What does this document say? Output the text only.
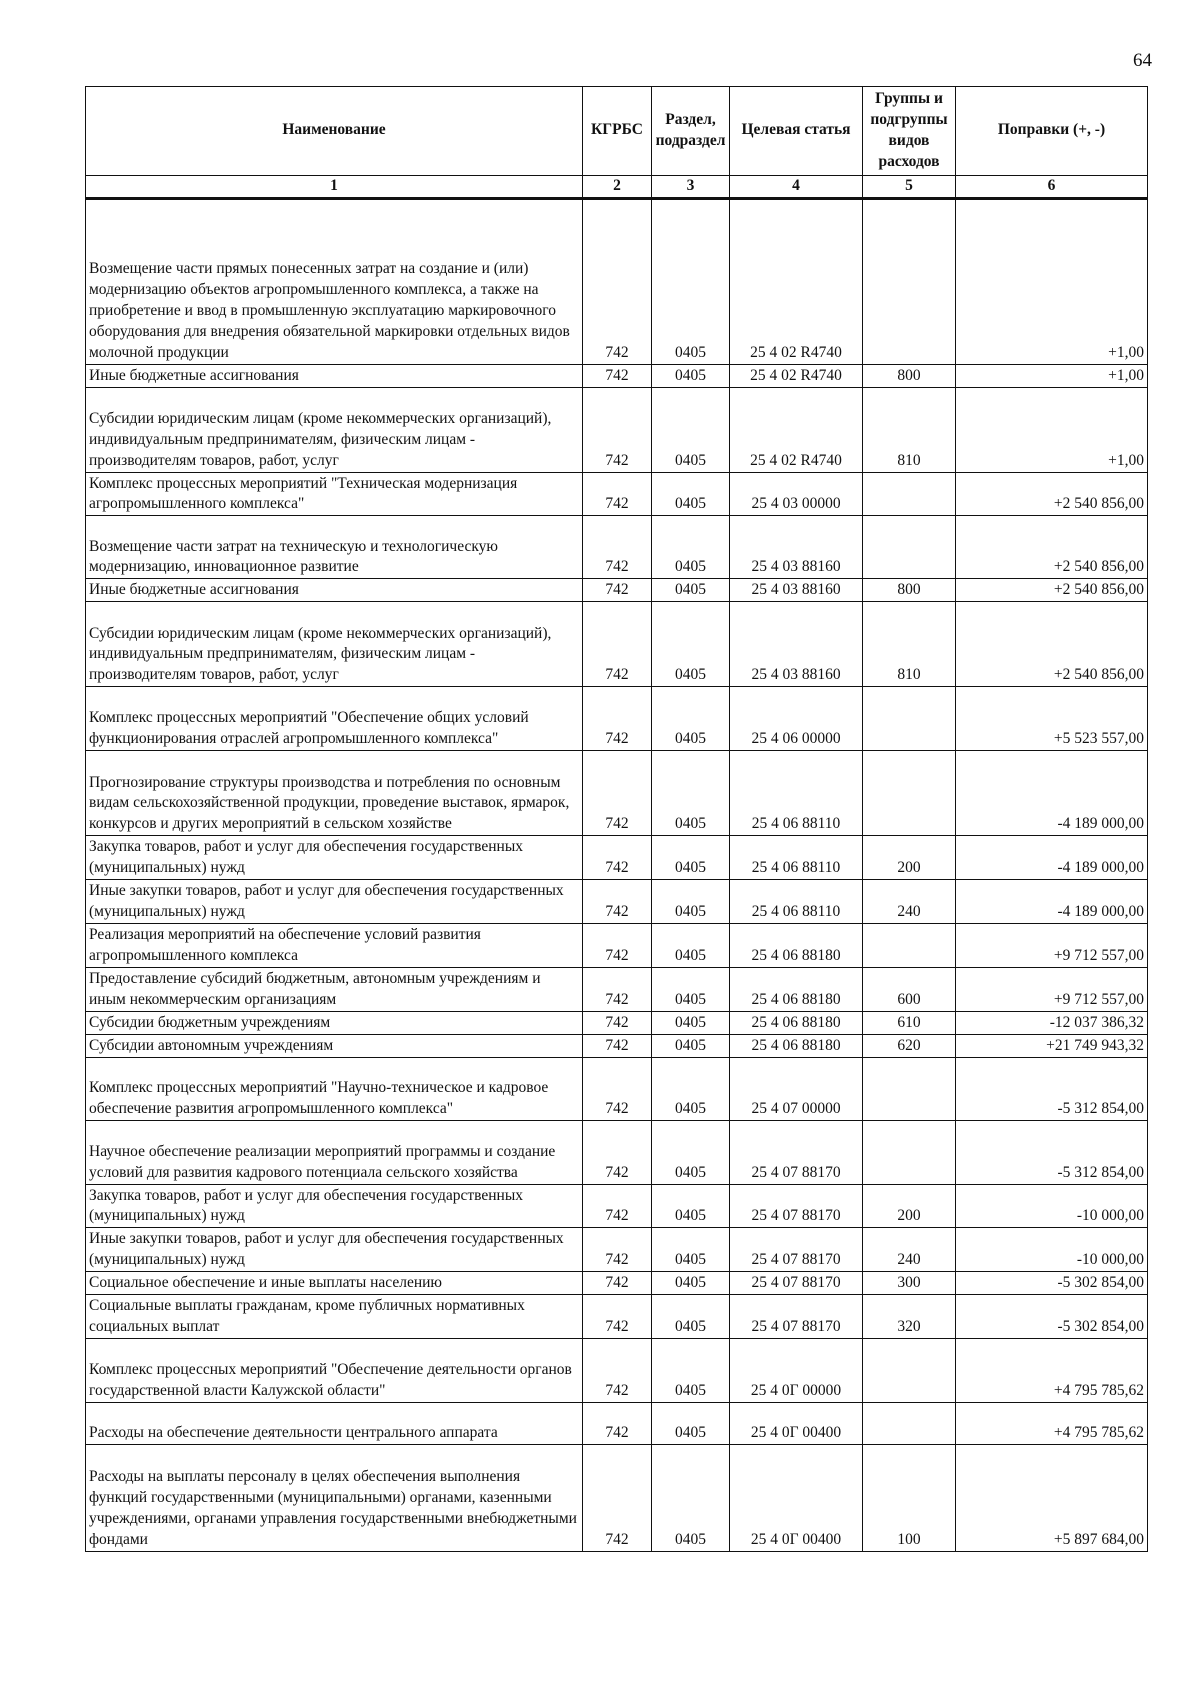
64
Наименование	КГРБС	Раздел, подраздел	Целевая статья	Группы и подгруппы видов расходов	Поправки (+, -)
1	2	3	4	5	6
Возмещение части прямых понесенных затрат на создание и (или) модернизацию объектов агропромышленного комплекса, а также на приобретение и ввод в промышленную эксплуатацию маркировочного оборудования для внедрения обязательной маркировки отдельных видов молочной продукции	742	0405	25 4 02 R4740		+1,00
Иные бюджетные ассигнования	742	0405	25 4 02 R4740	800	+1,00
Субсидии юридическим лицам (кроме некоммерческих организаций), индивидуальным предпринимателям, физическим лицам - производителям товаров, работ, услуг	742	0405	25 4 02 R4740	810	+1,00
Комплекс процессных мероприятий "Техническая модернизация агропромышленного комплекса"	742	0405	25 4 03 00000		+2 540 856,00
Возмещение части затрат на техническую и технологическую модернизацию, инновационное развитие	742	0405	25 4 03 88160		+2 540 856,00
Иные бюджетные ассигнования	742	0405	25 4 03 88160	800	+2 540 856,00
Субсидии юридическим лицам (кроме некоммерческих организаций), индивидуальным предпринимателям, физическим лицам - производителям товаров, работ, услуг	742	0405	25 4 03 88160	810	+2 540 856,00
Комплекс процессных мероприятий "Обеспечение общих условий функционирования отраслей агропромышленного комплекса"	742	0405	25 4 06 00000		+5 523 557,00
Прогнозирование структуры производства и потребления по основным видам сельскохозяйственной продукции, проведение выставок, ярмарок, конкурсов и других мероприятий в сельском хозяйстве	742	0405	25 4 06 88110		-4 189 000,00
Закупка товаров, работ и услуг для обеспечения государственных (муниципальных) нужд	742	0405	25 4 06 88110	200	-4 189 000,00
Иные закупки товаров, работ и услуг для обеспечения государственных (муниципальных) нужд	742	0405	25 4 06 88110	240	-4 189 000,00
Реализация мероприятий на обеспечение условий развития агропромышленного комплекса	742	0405	25 4 06 88180		+9 712 557,00
Предоставление субсидий бюджетным, автономным учреждениям и иным некоммерческим организациям	742	0405	25 4 06 88180	600	+9 712 557,00
Субсидии бюджетным учреждениям	742	0405	25 4 06 88180	610	-12 037 386,32
Субсидии автономным учреждениям	742	0405	25 4 06 88180	620	+21 749 943,32
Комплекс процессных мероприятий "Научно-техническое и кадровое обеспечение развития агропромышленного комплекса"	742	0405	25 4 07 00000		-5 312 854,00
Научное обеспечение реализации мероприятий программы и создание условий для развития кадрового потенциала сельского хозяйства	742	0405	25 4 07 88170		-5 312 854,00
Закупка товаров, работ и услуг для обеспечения государственных (муниципальных) нужд	742	0405	25 4 07 88170	200	-10 000,00
Иные закупки товаров, работ и услуг для обеспечения государственных (муниципальных) нужд	742	0405	25 4 07 88170	240	-10 000,00
Социальное обеспечение и иные выплаты населению	742	0405	25 4 07 88170	300	-5 302 854,00
Социальные выплаты гражданам, кроме публичных нормативных социальных выплат	742	0405	25 4 07 88170	320	-5 302 854,00
Комплекс процессных мероприятий "Обеспечение деятельности органов государственной власти Калужской области"	742	0405	25 4 0Г 00000		+4 795 785,62
Расходы на обеспечение деятельности центрального аппарата	742	0405	25 4 0Г 00400		+4 795 785,62
Расходы на выплаты персоналу в целях обеспечения выполнения функций государственными (муниципальными) органами, казенными учреждениями, органами управления государственными внебюджетными фондами	742	0405	25 4 0Г 00400	100	+5 897 684,00
